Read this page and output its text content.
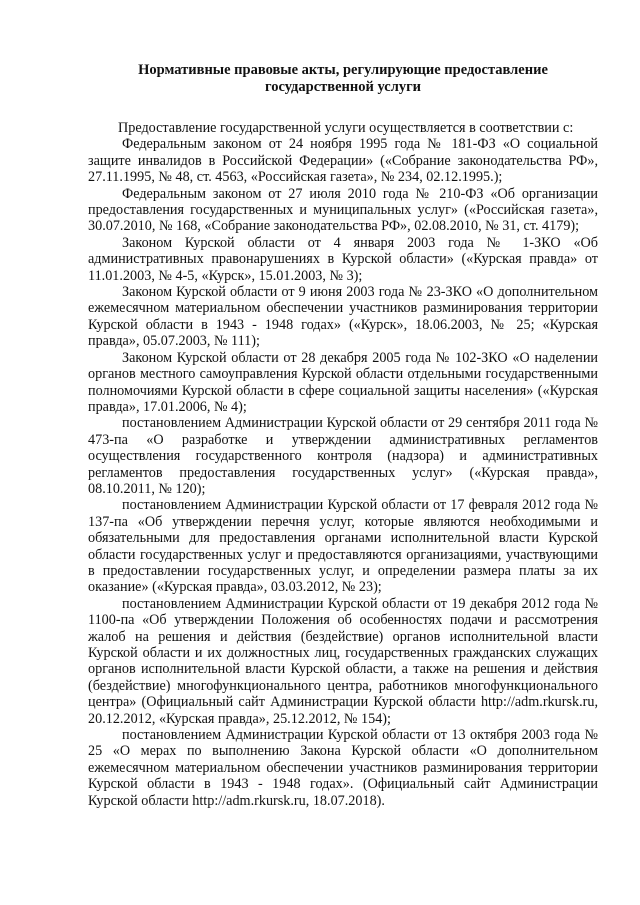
Нормативные правовые акты, регулирующие предоставление
государственной услуги

Предоставление государственной услуги осуществляется в соответствии с:

Федеральным законом от 24 ноября 1995 года № 181-ФЗ «О социальной защите инвалидов в Российской Федерации» («Собрание законодательства РФ», 27.11.1995, № 48, ст. 4563, «Российская газета», № 234, 02.12.1995.);

Федеральным законом от 27 июля 2010 года № 210-ФЗ «Об организации предоставления государственных и муниципальных услуг» («Российская газета», 30.07.2010, № 168, «Собрание законодательства РФ», 02.08.2010, № 31, ст. 4179);

Законом Курской области от 4 января 2003 года № 1-ЗКО «Об административных правонарушениях в Курской области» («Курская правда» от 11.01.2003, № 4-5, «Курск», 15.01.2003, № 3);

Законом Курской области от 9 июня 2003 года № 23-ЗКО «О дополнительном ежемесячном материальном обеспечении участников разминирования территории Курской области в 1943 - 1948 годах» («Курск», 18.06.2003, № 25; «Курская правда», 05.07.2003, № 111);

Законом Курской области от 28 декабря 2005 года № 102-ЗКО «О наделении органов местного самоуправления Курской области отдельными государственными полномочиями Курской области в сфере социальной защиты населения» («Курская правда», 17.01.2006, № 4);

постановлением Администрации Курской области от 29 сентября 2011 года № 473-па «О разработке и утверждении административных регламентов осуществления государственного контроля (надзора) и административных регламентов предоставления государственных услуг» («Курская правда», 08.10.2011, № 120);

постановлением Администрации Курской области от 17 февраля 2012 года № 137-па «Об утверждении перечня услуг, которые являются необходимыми и обязательными для предоставления органами исполнительной власти Курской области государственных услуг и предоставляются организациями, участвующими в предоставлении государственных услуг, и определении размера платы за их оказание» («Курская правда», 03.03.2012, № 23);

постановлением Администрации Курской области от 19 декабря 2012 года № 1100-па «Об утверждении Положения об особенностях подачи и рассмотрения жалоб на решения и действия (бездействие) органов исполнительной власти Курской области и их должностных лиц, государственных гражданских служащих органов исполнительной власти Курской области, а также на решения и действия (бездействие) многофункционального центра, работников многофункционального центра» (Официальный сайт Администрации Курской области http://adm.rkursk.ru, 20.12.2012, «Курская правда», 25.12.2012, № 154);

постановлением Администрации Курской области от 13 октября 2003 года № 25 «О мерах по выполнению Закона Курской области «О дополнительном ежемесячном материальном обеспечении участников разминирования территории Курской области в 1943 - 1948 годах». (Официальный сайт Администрации Курской области http://adm.rkursk.ru, 18.07.2018).
